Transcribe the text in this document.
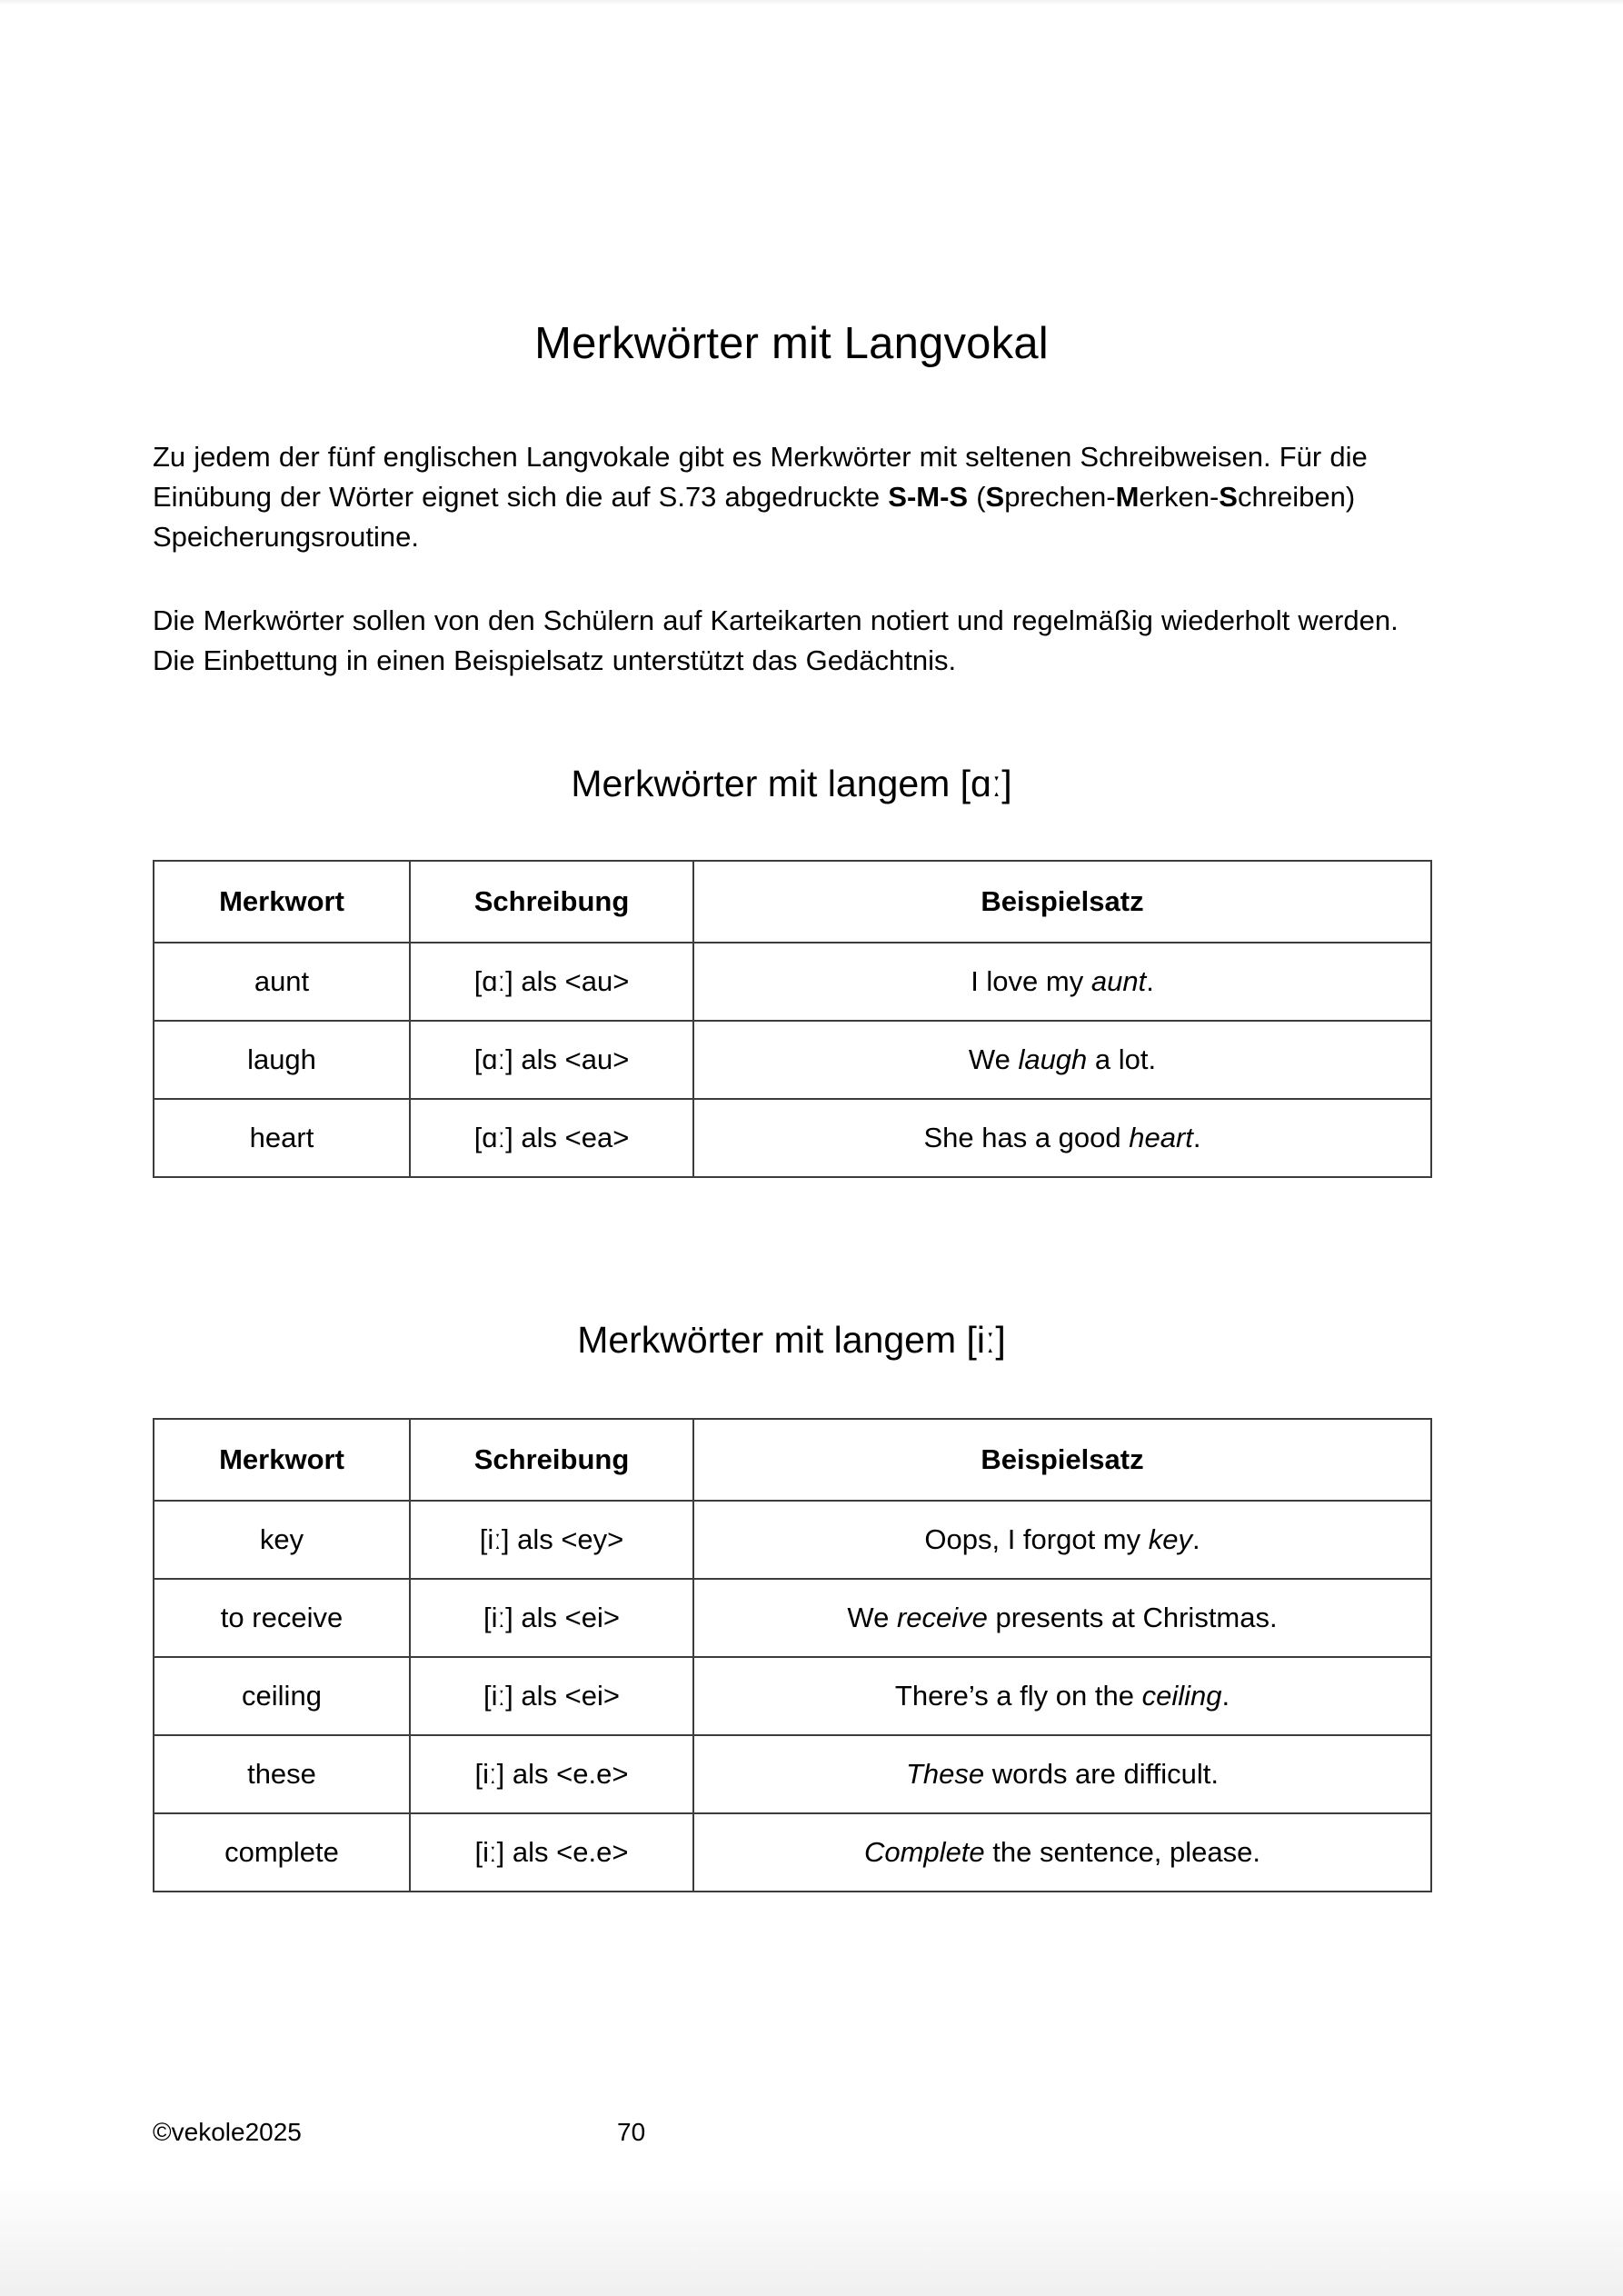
Merkwörter mit Langvokal

Zu jedem der fünf englischen Langvokale gibt es Merkwörter mit seltenen Schreibweisen. Für die Einübung der Wörter eignet sich die auf S.73 abgedruckte S-M-S (Sprechen-Merken-Schreiben) Speicherungsroutine.

Die Merkwörter sollen von den Schülern auf Karteikarten notiert und regelmäßig wiederholt werden. Die Einbettung in einen Beispielsatz unterstützt das Gedächtnis.

Merkwörter mit langem [ɑː]
Merkwort	Schreibung	Beispielsatz
aunt	[ɑː] als <au>	I love my aunt.
laugh	[ɑː] als <au>	We laugh a lot.
heart	[ɑː] als <ea>	She has a good heart.
Merkwörter mit langem [iː]
Merkwort	Schreibung	Beispielsatz
key	[iː] als <ey>	Oops, I forgot my key.
to receive	[iː] als <ei>	We receive presents at Christmas.
ceiling	[iː] als <ei>	There’s a fly on the ceiling.
these	[iː] als <e.e>	These words are difficult.
complete	[iː] als <e.e>	Complete the sentence, please.
©vekole2025	70
